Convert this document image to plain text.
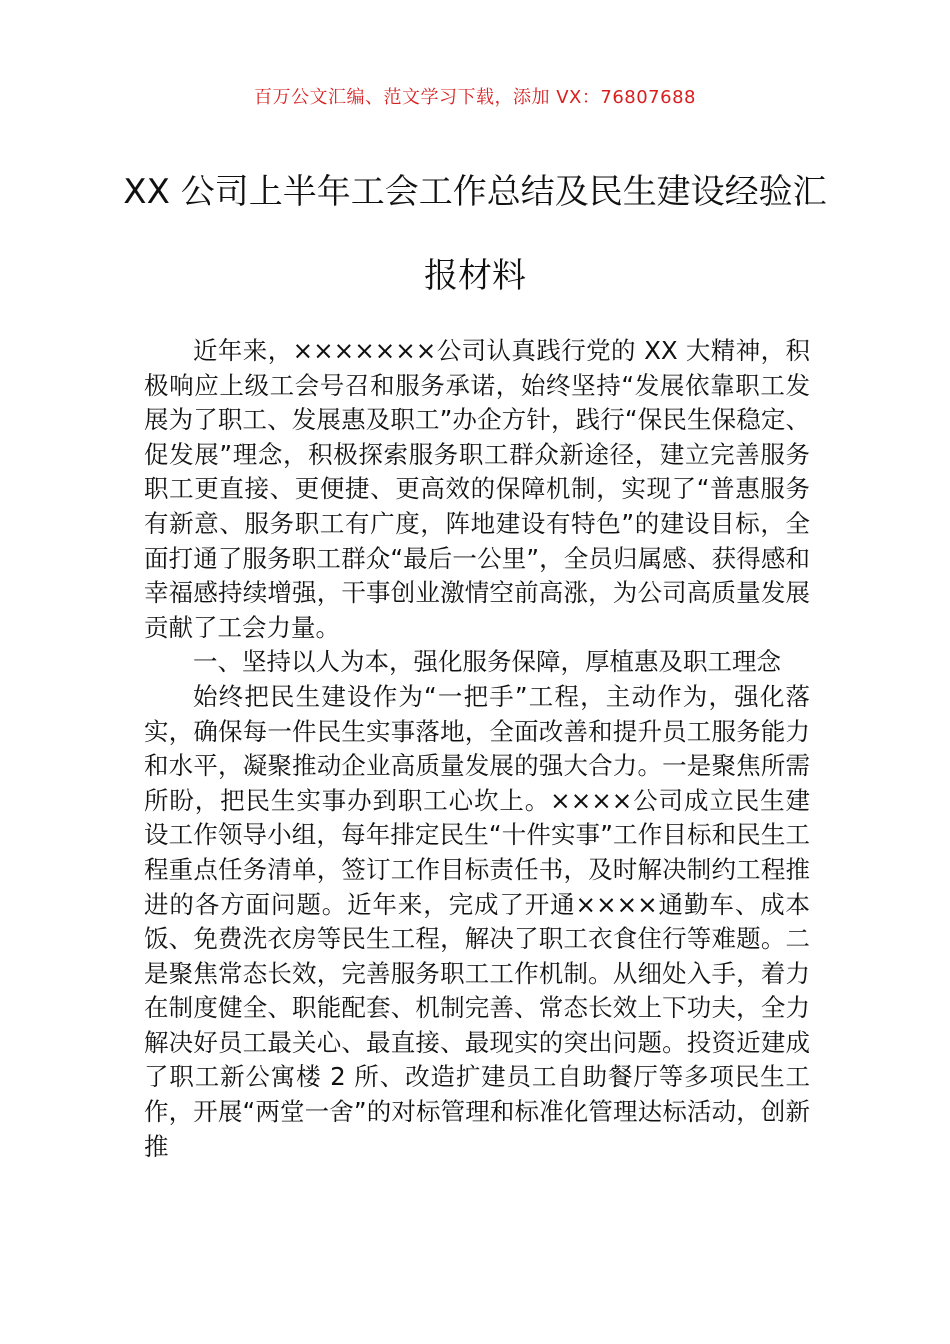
百万公文汇编、范文学习下载，添加 VX：76807688
XX 公司上半年工会工作总结及民生建设经验汇报材料

近年来，×××××××公司认真践行党的 XX 大精神，积极响应上级工会号召和服务承诺，始终坚持“发展依靠职工发展为了职工、发展惠及职工”办企方针，践行“保民生保稳定、促发展”理念，积极探索服务职工群众新途径，建立完善服务职工更直接、更便捷、更高效的保障机制，实现了“普惠服务有新意、服务职工有广度，阵地建设有特色”的建设目标，全面打通了服务职工群众“最后一公里”，全员归属感、获得感和幸福感持续增强，干事创业激情空前高涨，为公司高质量发展贡献了工会力量。

一、坚持以人为本，强化服务保障，厚植惠及职工理念

始终把民生建设作为“一把手”工程，主动作为，强化落实，确保每一件民生实事落地，全面改善和提升员工服务能力和水平，凝聚推动企业高质量发展的强大合力。一是聚焦所需所盼，把民生实事办到职工心坎上。××××公司成立民生建设工作领导小组，每年排定民生“十件实事”工作目标和民生工程重点任务清单，签订工作目标责任书，及时解决制约工程推进的各方面问题。近年来，完成了开通××××通勤车、成本饭、免费洗衣房等民生工程，解决了职工衣食住行等难题。二是聚焦常态长效，完善服务职工工作机制。从细处入手，着力在制度健全、职能配套、机制完善、常态长效上下功夫，全力解决好员工最关心、最直接、最现实的突出问题。投资近建成了职工新公寓楼 2 所、改造扩建员工自助餐厅等多项民生工作，开展“两堂一舍”的对标管理和标准化管理达标活动，创新推
